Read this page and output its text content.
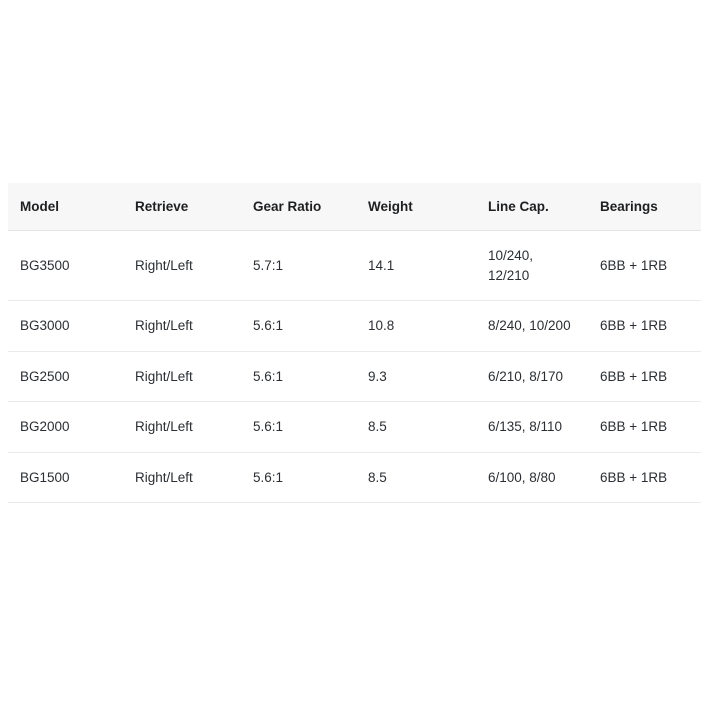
Model	Retrieve	Gear Ratio	Weight	Line Cap.	Bearings
BG3500	Right/Left	5.7:1	14.1	10/240, 12/210	6BB + 1RB
BG3000	Right/Left	5.6:1	10.8	8/240, 10/200	6BB + 1RB
BG2500	Right/Left	5.6:1	9.3	6/210, 8/170	6BB + 1RB
BG2000	Right/Left	5.6:1	8.5	6/135, 8/110	6BB + 1RB
BG1500	Right/Left	5.6:1	8.5	6/100, 8/80	6BB + 1RB
